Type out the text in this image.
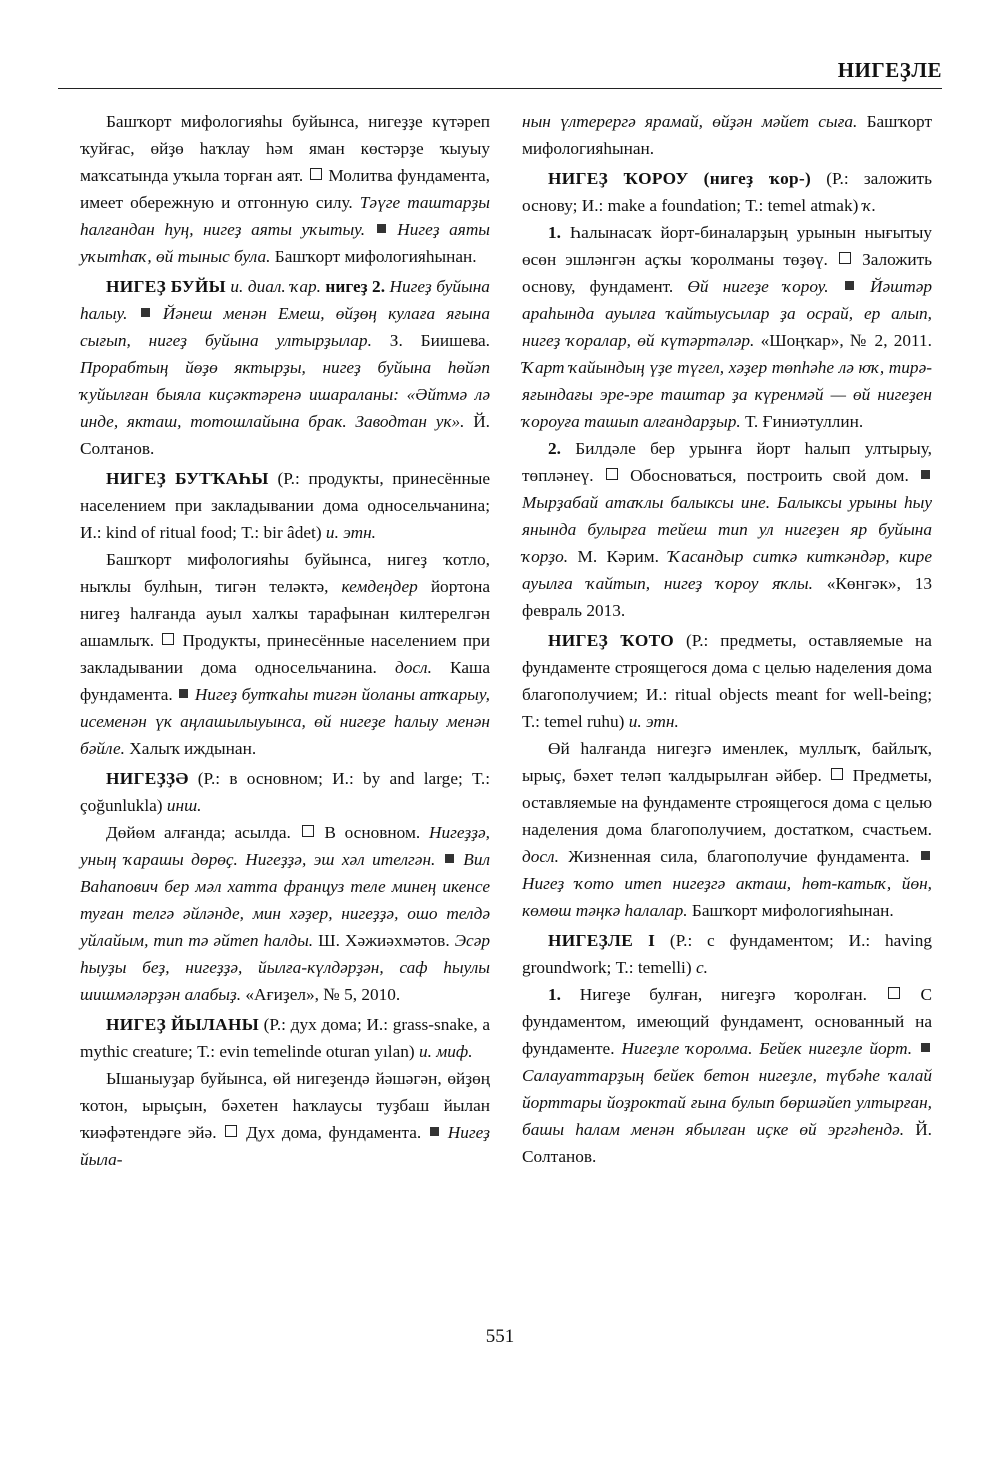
НИГЕҘЛЕ

Башҡорт мифологияһы буйынса, нигеҙҙе күтәреп ҡуйғас, өйҙө һаҡлау һәм яман көстәрҙе ҡыуыу маҡсатында уҡыла торған аят. Молитва фундамента, имеет обережную и отгонную силу. Тәүге таштарҙы һалғандан һуң, нигеҙ аяты уҡытыу. Нигеҙ аяты уҡытһаҡ, өй тыныс була. Башҡорт мифологияһынан.

НИГЕҘ БУЙЫ и. диал. ҡар. нигеҙ 2. Нигеҙ буйына һалыу. Йәнеш менән Емеш, өйҙөң кулаға яғына сығып, нигеҙ буйына ултырҙылар. З. Биишева. Прорабтың йөҙө яктырҙы, нигеҙ буйына һөйәп ҡуйылған быяла киҫәктәренә ишараланы: «Әйтмә лә инде, якташ, тотошлайына брак. Заводтан ук». Й. Солтанов.

НИГЕҘ БУТҠАҺЫ (Р.: продукты, принесённые населением при закладывании дома односельчанина; И.: kind of ritual food; Т.: bir âdet) и. этн.

Башҡорт мифологияһы буйынса, нигеҙ ҡотло, ныҡлы булһын, тигән теләктә, кемдеңдер йортона нигеҙ һалғанда ауыл халҡы тарафынан килтерелгән ашамлыҡ. Продукты, принесённые населением при закладывании дома односельчанина. досл. Каша фундамента. Нигеҙ бутҡаһы тигән йоланы атҡарыу, исеменән үк аңлашылыуынса, өй нигеҙе һалыу менән бәйле. Халыҡ иждынан.

НИГЕҘҘӘ (Р.: в основном; И.: by and large; Т.: çoğunlukla) инш.

Дөйөм алғанда; асылда. В основном. Нигеҙҙә, уның ҡарашы дөрөҫ. Нигеҙҙә, эш хәл ителгән. Вил Ваһапович бер мәл хатта француз теле минең икенсе туған телгә әйләнде, мин хәҙер, нигеҙҙә, ошо телдә уйлайым, тип тә әйтеп һалды. Ш. Хәжиәхмәтов. Эсәр һыуҙы беҙ, нигеҙҙә, йылға-күлдәрҙән, саф һыулы шишмәләрҙән алабыҙ. «Ағиҙел», № 5, 2010.

НИГЕҘ ЙЫЛАНЫ (Р.: дух дома; И.: grass-snake, a mythic creature; Т.: evin temelinde oturan yılan) и. миф.

Ышаныуҙар буйынса, өй нигеҙендә йәшәгән, өйҙөң ҡотон, ырыҫын, бәхетен һаҡлаусы туҙбаш йылан ҡиәфәтендәге эйә. Дух дома, фундамента. Нигеҙ йыла-

нын үлтерергә ярамай, өйҙән мәйет сыға. Башҡорт мифологияһынан.

НИГЕҘ ҠОРОУ (нигеҙ ҡор-) (Р.: заложить основу; И.: make a foundation; Т.: temel atmak) ҡ.

1. Һалынасаҡ йорт-биналарҙың урынын нығытыу өсөн эшләнгән аҫҡы ҡоролманы төҙөү. Заложить основу, фундамент. Өй нигеҙе ҡороу. Йәштәр араһында ауылға ҡайтыусылар ҙа осрай, ер алып, нигеҙ ҡоралар, өй күтәртәләр. «Шоңҡар», № 2, 2011. Ҡарт ҡайындың үҙе түгел, хәҙер төпһәһе лә юҡ, тирә-яғындағы эре-эре таштар ҙа күренмәй — өй нигеҙен ҡороуға ташып алғандарҙыр. Т. Ғиниәтуллин.

2. Билдәле бер урынға йорт һалып ултырыу, төпләнеү. Обосноваться, построить свой дом.  Мырҙабай атаҡлы балыксы ине. Балыксы урыны һыу янында булырға тейеш тип ул нигеҙен яр буйына ҡорҙо. М. Кәрим. Ҡасандыр ситкә киткәндәр, кире ауылға ҡайтып, нигеҙ ҡороу яҡлы. «Көнгәк», 13 февраль 2013.

НИГЕҘ ҠОТО (Р.: предметы, оставляемые на фундаменте строящегося дома с целью наделения дома благополучием; И.: ritual objects meant for well-being; Т.: temel ruhu) и. этн.

Өй һалғанда нигеҙгә именлек, муллыҡ, байлыҡ, ырыҫ, бәхет теләп ҡалдырылған әйбер. Предметы, оставляемые на фундаменте строящегося дома с целью наделения дома благополучием, достатком, счастьем. досл. Жизненная сила, благополучие фундамента.  Нигеҙ ҡото итеп нигеҙгә акташ, һөт-катыҡ, йөн, көмөш тәңкә һалалар. Башҡорт мифологияһынан.

НИГЕҘЛЕ I (Р.: с фундаментом; И.: having groundwork; Т.: temelli) с.

1. Нигеҙе булған, нигеҙгә ҡоролған.	С фундаментом, имеющий фундамент, основанный на фундаменте. Нигеҙле ҡоролма. Бейек нигеҙле йорт.  Салауаттарҙың бейек бетон нигеҙле, түбәһе ҡалай йорттары йоҙроктай ғына булып бөршәйеп ултырған, башы һалам менән ябылған иҫке өй эргәһендә. Й. Солтанов.

551
